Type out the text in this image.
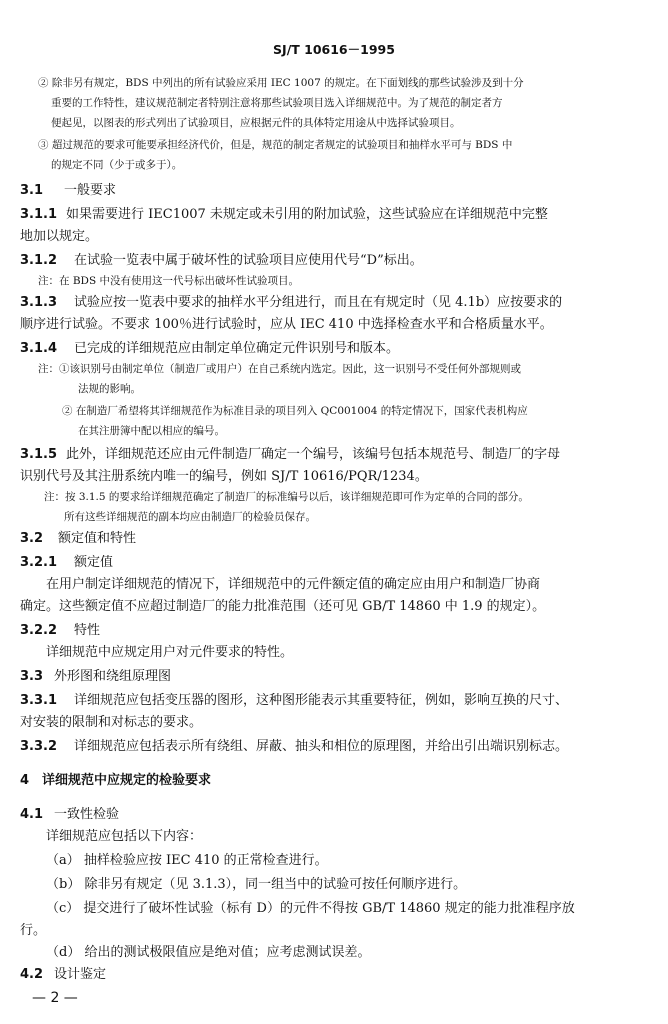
SJ/T 10616－1995
② 除非另有规定，BDS 中列出的所有试验应采用 IEC 1007 的规定。在下面划线的那些试验涉及到十分
重要的工作特性，建议规范制定者特别注意将那些试验项目选入详细规范中。为了规范的制定者方
便起见，以图表的形式列出了试验项目，应根据元件的具体特定用途从中选择试验项目。
③ 超过规范的要求可能要承担经济代价，但是，规范的制定者规定的试验项目和抽样水平可与 BDS 中
的规定不同（少于或多于）。
3.1 一般要求
3.1.1 如果需要进行 IEC1007 未规定或未引用的附加试验，这些试验应在详细规范中完整
地加以规定。
3.1.2 在试验一览表中属于破坏性的试验项目应使用代号“D”标出。
注：在 BDS 中没有使用这一代号标出破坏性试验项目。
3.1.3 试验应按一览表中要求的抽样水平分组进行，而且在有规定时（见 4.1b）应按要求的
顺序进行试验。不要求 100％进行试验时，应从 IEC 410 中选择检查水平和合格质量水平。
3.1.4 已完成的详细规范应由制定单位确定元件识别号和版本。
注：①该识别号由制定单位（制造厂或用户）在自己系统内选定。因此，这一识别号不受任何外部规则或
法规的影响。
② 在制造厂希望将其详细规范作为标准目录的项目列入 QC001004 的特定情况下，国家代表机构应
在其注册簿中配以相应的编号。
3.1.5 此外，详细规范还应由元件制造厂确定一个编号，该编号包括本规范号、制造厂的字母
识别代号及其注册系统内唯一的编号，例如 SJ/T 10616/PQR/1234。
注：按 3.1.5 的要求给详细规范确定了制造厂的标准编号以后，该详细规范即可作为定单的合同的部分。
所有这些详细规范的副本均应由制造厂的检验员保存。
3.2 额定值和特性
3.2.1 额定值
在用户制定详细规范的情况下，详细规范中的元件额定值的确定应由用户和制造厂协商
确定。这些额定值不应超过制造厂的能力批准范围（还可见 GB/T 14860 中 1.9 的规定）。
3.2.2 特性
详细规范中应规定用户对元件要求的特性。
3.3 外形图和绕组原理图
3.3.1 详细规范应包括变压器的图形，这种图形能表示其重要特征，例如，影响互换的尺寸、
对安装的限制和对标志的要求。
3.3.2 详细规范应包括表示所有绕组、屏蔽、抽头和相位的原理图，并给出引出端识别标志。
4 详细规范中应规定的检验要求
4.1 一致性检验
详细规范应包括以下内容：
（a） 抽样检验应按 IEC 410 的正常检查进行。
（b） 除非另有规定（见 3.1.3），同一组当中的试验可按任何顺序进行。
（c） 提交进行了破坏性试验（标有 D）的元件不得按 GB/T 14860 规定的能力批准程序放
行。
（d） 给出的测试极限值应是绝对值；应考虑测试误差。
4.2 设计鉴定
— 2 —
